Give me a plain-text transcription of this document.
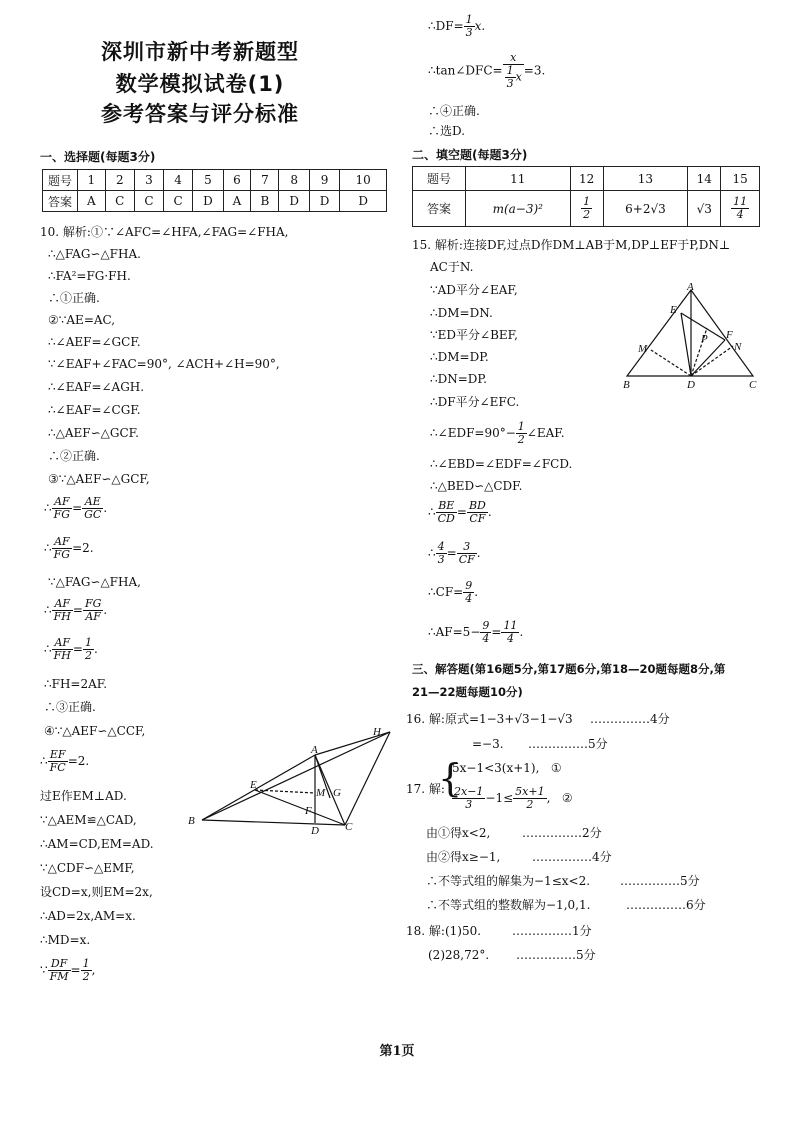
深圳市新中考新题型
数学模拟试卷(1)
参考答案与评分标准
一、选择题(每题3分)
题号	1	2	3	4	5	6	7	8	9	10
答案	A	C	C	C	D	A	B	D	D	D
10. 解析:①∵∠AFC=∠HFA,∠FAG=∠FHA,
∴△FAG∽△FHA.
∴FA²=FG·FH.
∴①正确.
②∵AE=AC,
∴∠AEF=∠GCF.
∵∠EAF+∠FAC=90°, ∠ACH+∠H=90°,
∴∠EAF=∠AGH.
∴∠EAF=∠CGF.
∴△AEF∽△GCF.
∴②正确.
③∵△AEF∽△GCF,
∴ $\frac{AF}{FG} = \frac{AE}{GC}$ .
∴ $\frac{AF}{FG} =2$.
∵△FAG∽△FHA,
∴ $\frac{AF}{FH} = \frac{FG}{AF}$ .
∴ $\frac{AF}{FH} = \frac{1}{2}$ .
∴FH=2AF.
∴③正确.
④∵△AEF∽△CCF,
∴ $\frac{EF}{FC} =2$.
过E作EM⊥AD.
∵△AEM≌△CAD,
∴AM=CD,EM=AD.
∵△CDF∽△EMF,
设CD=x,则EM=2x,
∴AD=2x,AM=x.
∴MD=x.
∵ $\frac{DF}{FM} = \frac{1}{2}$ ,
A
H
E
M G
F
B
D C
∴DF= $\frac{1}{3} x$.
∴tan∠DFC= $\frac{x}{\frac{1}{3} x} =3$.
∴④正确.
∴选D.
二、填空题(每题3分)
题号	11	12	13	14	15
答案	m(a−3)²	$\frac{1}{2}$	6+2√3	√3	$\frac{11}{4}$
15. 解析:连接DF,过点D作DM⊥AB于M,DP⊥EF于P,DN⊥
AC于N.
∵AD平分∠EAF,
∴DM=DN.
∵ED平分∠BEF,
∴DM=DP.
∴DN=DP.
∴DF平分∠EFC.
∴∠EDF=90°− $\frac{1}{2}$ ∠EAF.
∴∠EBD=∠EDF=∠FCD.
∴△BED∽△CDF.
∴ $\frac{BE}{CD} = \frac{BD}{CF}$ .
∴ $\frac{4}{3} = \frac{3}{CF}$ .
∴CF= $\frac{9}{4}$ .
∴AF=5− $\frac{9}{4} = \frac{11}{4}$ .
A
E
P F
M	N
B	D	C
三、解答题(第16题5分,第17题6分,第18—20题每题8分,第
21—22题每题10分)
16. 解:原式=1−3+√3−1−√3 ……………4分
=−3. ……………5分
17. 解:
{
5x−1<3(x+1), ①
$\frac{2x-1}{3} -1\le \frac{5x+1}{2}$ ,   ②
由①得x<2,	……………2分
由②得x≥−1,	……………4分
∴不等式组的解集为−1≤x<2. ……………5分
∴不等式组的整数解为−1,0,1.	……………6分
18. 解:(1)50.	……………1分
(2)28,72°. ……………5分
第1页
